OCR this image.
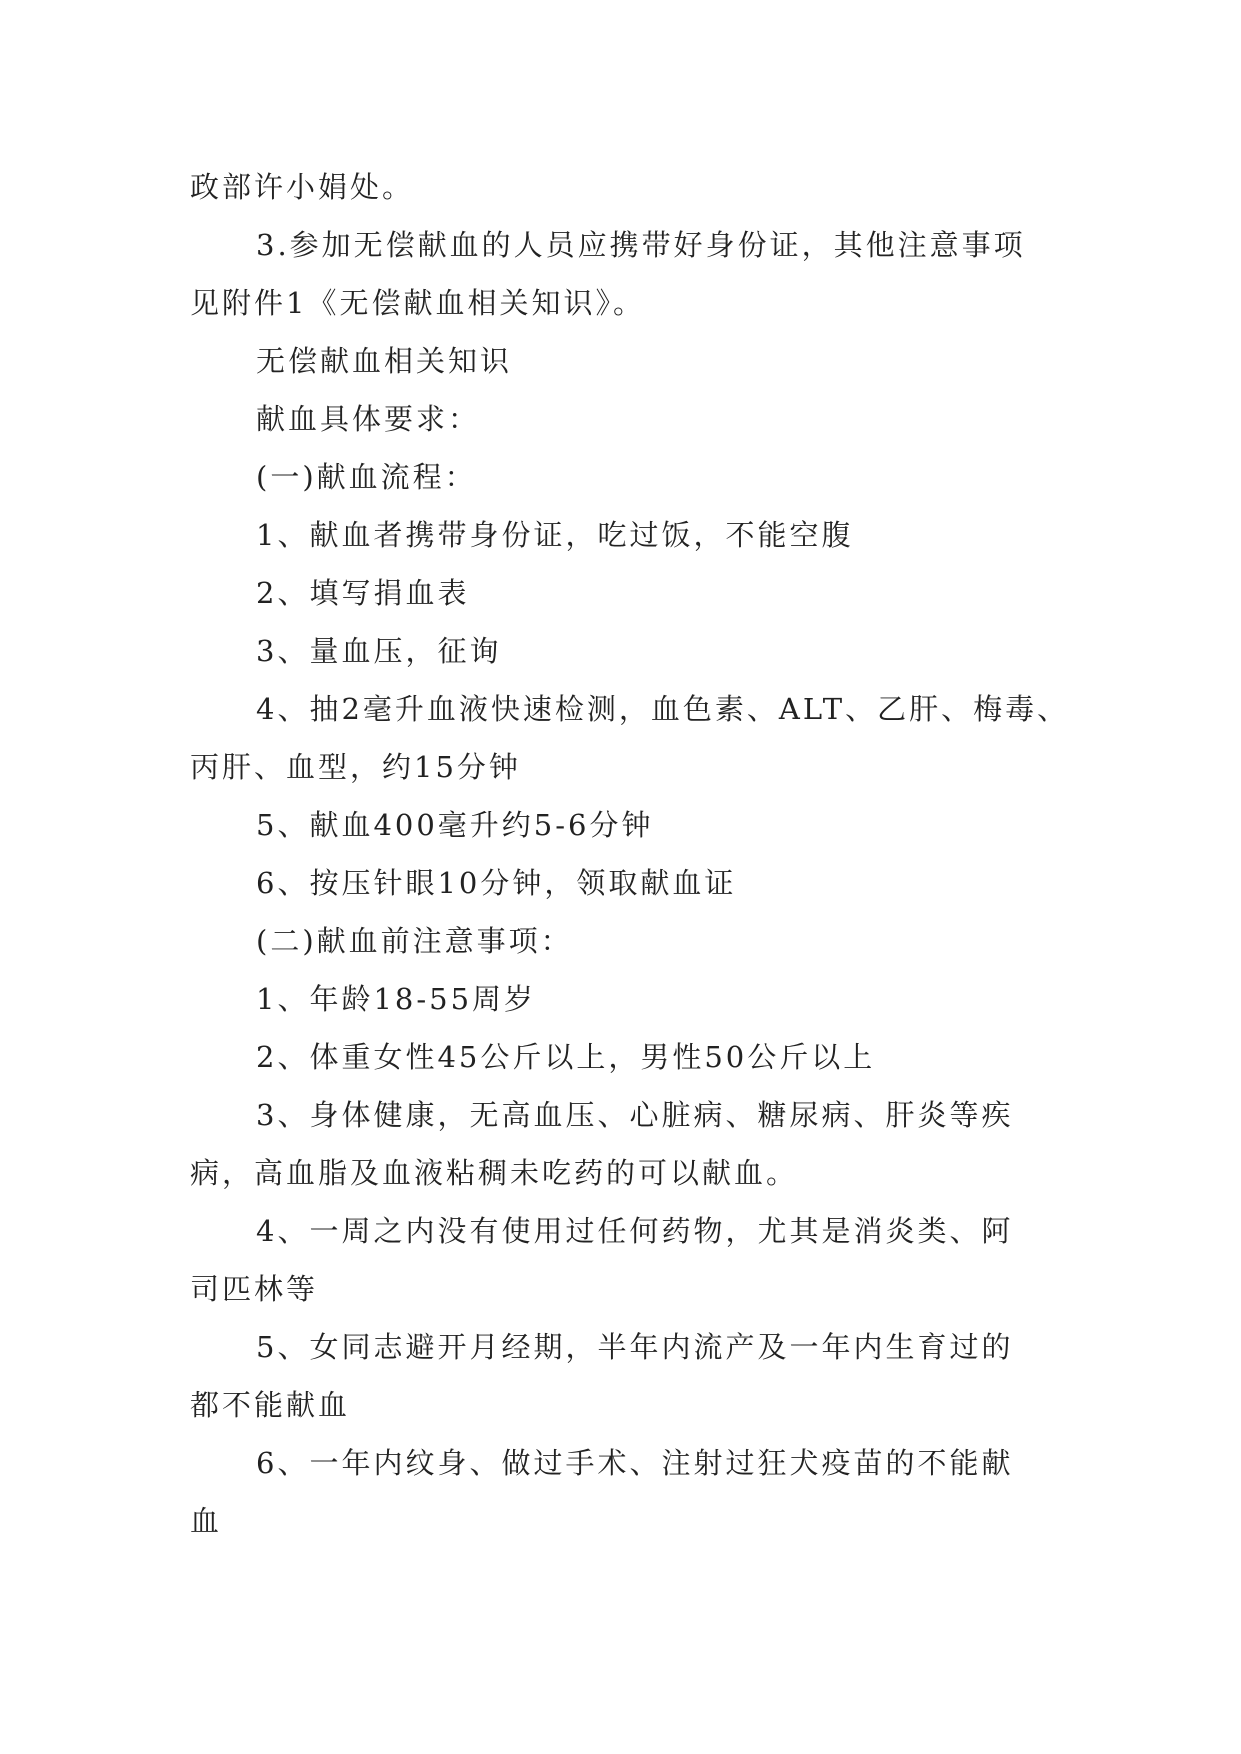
政部许小娟处。
3.参加无偿献血的人员应携带好身份证，其他注意事项
见附件1《无偿献血相关知识》。
无偿献血相关知识
献血具体要求：
(一)献血流程：
1、献血者携带身份证，吃过饭，不能空腹
2、填写捐血表
3、量血压，征询
4、抽2毫升血液快速检测，血色素、ALT、乙肝、梅毒、
丙肝、血型，约15分钟
5、献血400毫升约5-6分钟
6、按压针眼10分钟，领取献血证
(二)献血前注意事项：
1、年龄18-55周岁
2、体重女性45公斤以上，男性50公斤以上
3、身体健康，无高血压、心脏病、糖尿病、肝炎等疾
病，高血脂及血液粘稠未吃药的可以献血。
4、一周之内没有使用过任何药物，尤其是消炎类、阿
司匹林等
5、女同志避开月经期，半年内流产及一年内生育过的
都不能献血
6、一年内纹身、做过手术、注射过狂犬疫苗的不能献
血
